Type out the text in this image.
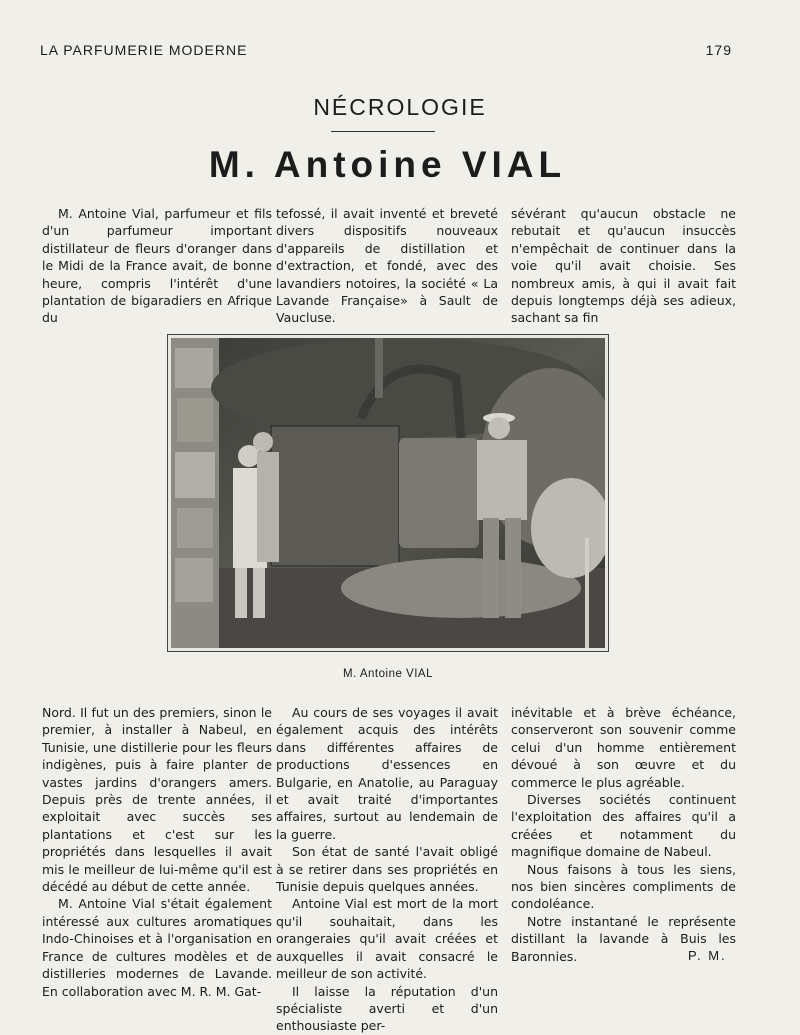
LA PARFUMERIE MODERNE	179
NÉCROLOGIE
M. Antoine VIAL

M. Antoine Vial, parfumeur et fils d'un parfumeur important distillateur de fleurs d'oranger dans le Midi de la France avait, de bonne heure, compris l'intérêt d'une plantation de bigaradiers en Afrique du

tefossé, il avait inventé et breveté divers dispositifs nouveaux d'appareils de distillation et d'extraction, et fondé, avec des lavandiers notoires, la société « La Lavande Française» à Sault de Vaucluse.

sévérant qu'aucun obstacle ne rebutait et qu'aucun insuccès n'empêchait de continuer dans la voie qu'il avait choisie. Ses nombreux amis, à qui il avait fait depuis longtemps déjà ses adieux, sachant sa fin

M. Antoine VIAL

Nord. Il fut un des premiers, sinon le premier, à installer à Nabeul, en Tunisie, une distillerie pour les fleurs indigènes, puis à faire planter de vastes jardins d'orangers amers. Depuis près de trente années, il exploitait avec succès ses plantations et c'est sur les propriétés dans lesquelles il avait mis le meilleur de lui-même qu'il est décédé au début de cette année.

M. Antoine Vial s'était également intéressé aux cultures aromatiques Indo-Chinoises et à l'organisation en France de cultures modèles et de distilleries modernes de Lavande. En collaboration avec M. R. M. Gat-

Au cours de ses voyages il avait également acquis des intérêts dans différentes affaires de productions d'essences en Bulgarie, en Anatolie, au Paraguay et avait traité d'importantes affaires, surtout au lendemain de la guerre.

Son état de santé l'avait obligé à se retirer dans ses propriétés en Tunisie depuis quelques années.

Antoine Vial est mort de la mort qu'il souhaitait, dans les orangeraies qu'il avait créées et auxquelles il avait consacré le meilleur de son activité.

Il laisse la réputation d'un spécialiste averti et d'un enthousiaste per-

inévitable et à brève échéance, conserveront son souvenir comme celui d'un homme entièrement dévoué à son œuvre et du commerce le plus agréable.

Diverses sociétés continuent l'exploitation des affaires qu'il a créées et notamment du magnifique domaine de Nabeul.

Nous faisons à tous les siens, nos bien sincères compliments de condoléance.

Notre instantané le représente distillant la lavande à Buis les Baronnies.	P. M.
